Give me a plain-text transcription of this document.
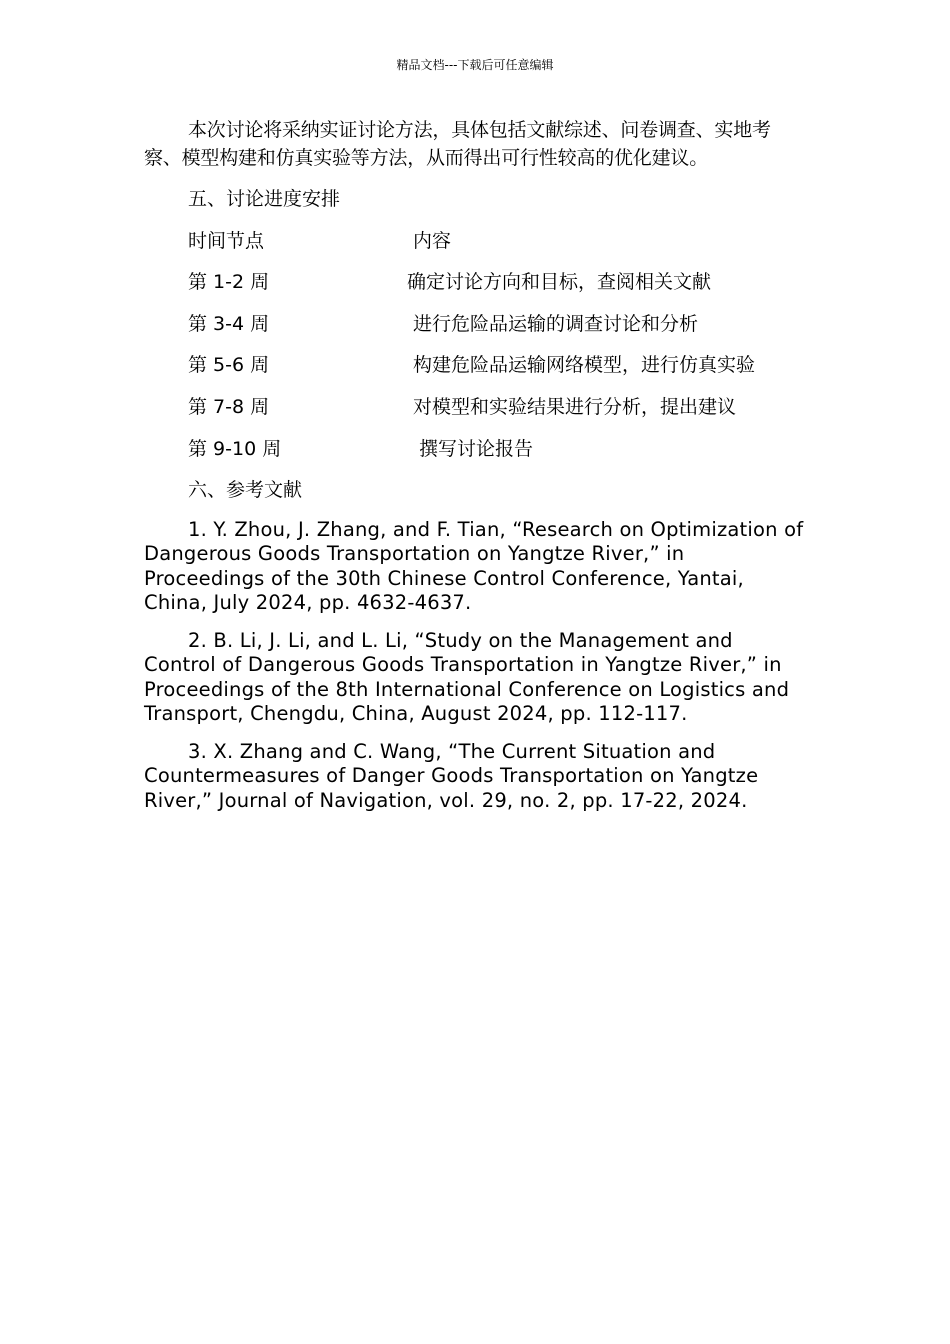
精品文档---下载后可任意编辑

本次讨论将采纳实证讨论方法，具体包括文献综述、问卷调查、实地考察、模型构建和仿真实验等方法，从而得出可行性较高的优化建议。

五、讨论进度安排

时间节点	内容
第 1-2 周	确定讨论方向和目标，查阅相关文献
第 3-4 周	进行危险品运输的调查讨论和分析
第 5-6 周	构建危险品运输网络模型，进行仿真实验
第 7-8 周	对模型和实验结果进行分析，提出建议
第 9-10 周	撰写讨论报告

六、参考文献

1. Y. Zhou, J. Zhang, and F. Tian, “Research on Optimization of Dangerous Goods Transportation on Yangtze River,” in Proceedings of the 30th Chinese Control Conference, Yantai, China, July 2024, pp. 4632-4637.

2. B. Li, J. Li, and L. Li, “Study on the Management and Control of Dangerous Goods Transportation in Yangtze River,” in Proceedings of the 8th International Conference on Logistics and Transport, Chengdu, China, August 2024, pp. 112-117.

3. X. Zhang and C. Wang, “The Current Situation and Countermeasures of Danger Goods Transportation on Yangtze River,” Journal of Navigation, vol. 29, no. 2, pp. 17-22, 2024.
